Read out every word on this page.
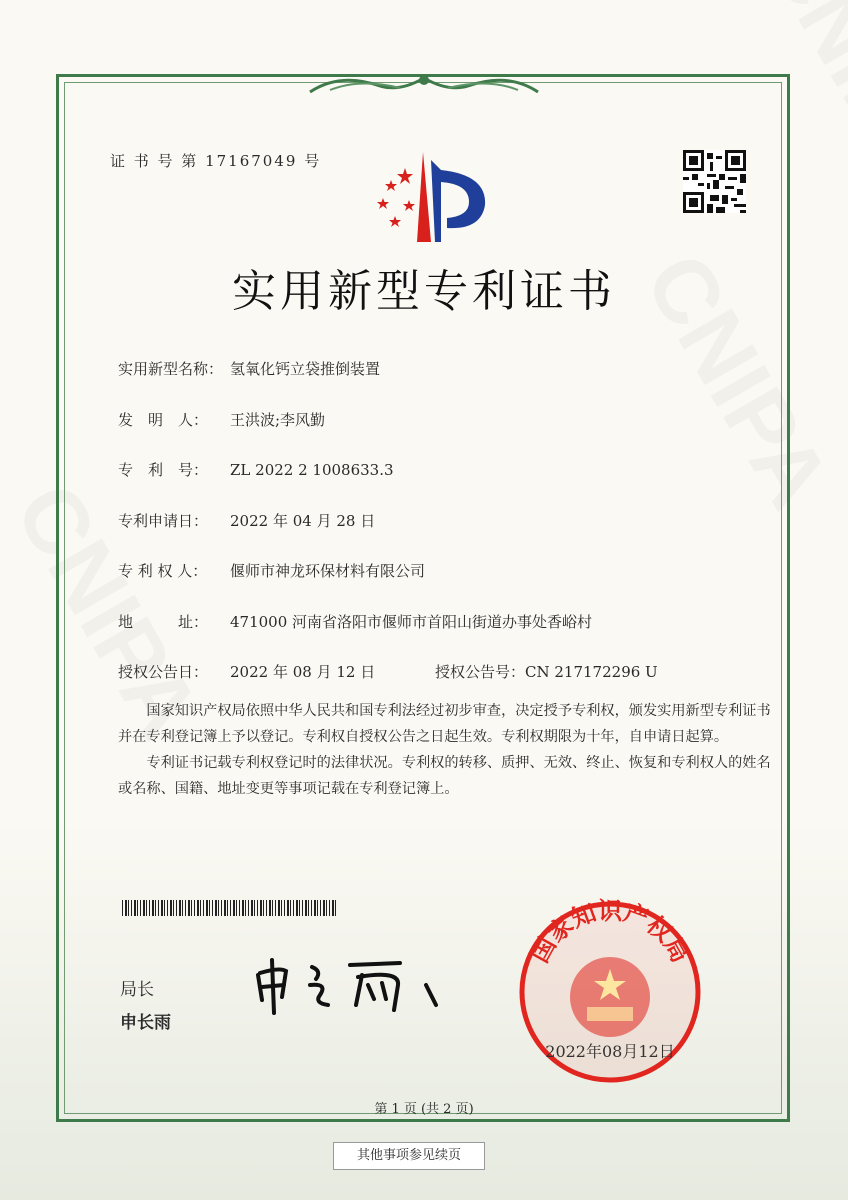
证 书 号 第 17167049 号
实用新型专利证书
实用新型名称： 氢氧化钙立袋推倒装置
发　明　人： 王洪波;李风勤
专　利　号： ZL 2022 2 1008633.3
专利申请日： 2022 年 04 月 28 日
专 利 权 人： 偃师市神龙环保材料有限公司
地　　　址： 471000 河南省洛阳市偃师市首阳山街道办事处香峪村
授权公告日： 2022 年 08 月 12 日	授权公告号：CN 217172296 U

国家知识产权局依照中华人民共和国专利法经过初步审查，决定授予专利权，颁发实用新型专利证书并在专利登记簿上予以登记。专利权自授权公告之日起生效。专利权期限为十年，自申请日起算。

专利证书记载专利权登记时的法律状况。专利权的转移、质押、无效、终止、恢复和专利权人的姓名或名称、国籍、地址变更等事项记载在专利登记簿上。

局长
申长雨
国家知识产权局
2022年08月12日
第 1 页 (共 2 页)
其他事项参见续页
